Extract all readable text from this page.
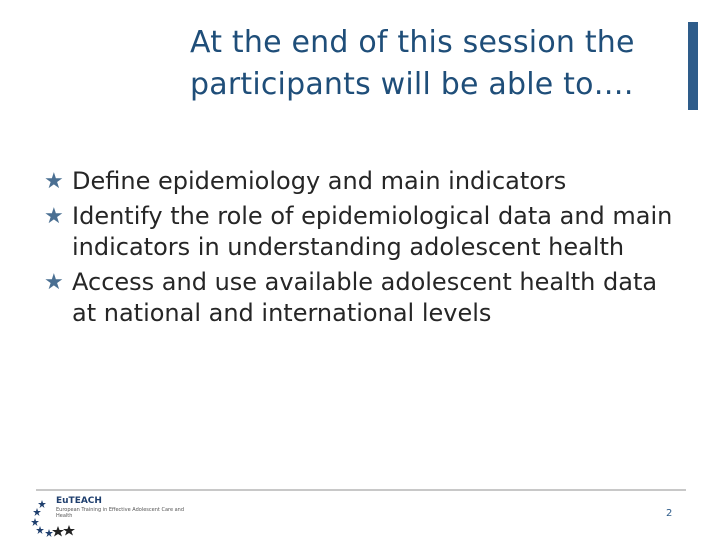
At the end of this session the
participants will be able to….
★ Define epidemiology and main indicators
★ Identify the role of epidemiological data and main indicators in understanding adolescent health
★ Access and use available adolescent health data at national and international levels
EuTEACH
European Training in Effective Adolescent Care and Health	2
